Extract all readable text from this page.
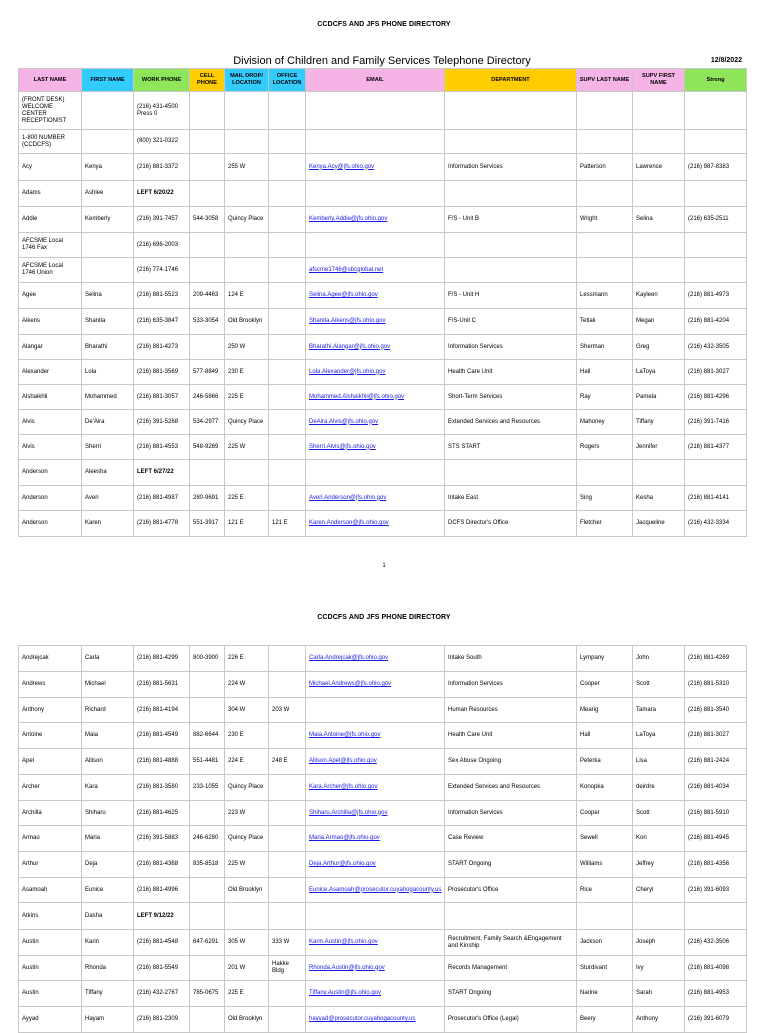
CCDCFS AND JFS PHONE DIRECTORY
Division of Children and Family Services Telephone Directory	12/8/2022
LAST NAME	FIRST NAME	WORK PHONE	CELL PHONE	MAIL DROP/ LOCATION	OFFICE LOCATION	EMAIL	DEPARTMENT	SUPV LAST NAME	SUPV FIRST NAME	Strong
(FRONT DESK) WELCOME CENTER RECEPTIONIST		(216) 431-4500 Press 0								
1-800 NUMBER (CCDCFS)		(800) 321-0322								
Acy	Kenya	(216) 881-3372		255 W		Kenya.Acy@jfs.ohio.gov	Information Services	Patterson	Lawrence	(216) 987-8383
Adams	Ashlee	LEFT 6/20/22								
Addie	Kemberly	(216) 391-7457	544-3058	Quincy Place		Kemberly.Addie@jfs.ohio.gov	F/S - Unit B	Wright	Selina	(216) 635-2511
AFCSME Local 1746 Fax		(216) 696-2003								
AFCSME Local 1746 Union		(216) 774-1746				afscme1746@sbcglobal.net				
Agee	Selina	(216) 881-5523	209-4463	124 E		Selina.Agee@jfs.ohio.gov	F/S - Unit H	Lessmann	Kayleen	(216) 881-4973
Aikens	Shanita	(216) 635-3847	533-3054	Old Brooklyn		Shanita.Aikens@jfs.ohio.gov	F/S-Unit C	Tetlak	Megan	(216) 881-4204
Alangar	Bharathi	(216) 881-4273		250 W		Bharathi.Alangar@jfs.ohio.gov	Information Services	Sherman	Greg	(216) 432-3505
Alexander	Lola	(216) 881-3569	577-8849	230 E		Lola.Alexander@jfs.ohio.gov	Health Care Unit	Hall	LaToya	(216) 881-3027
Alshaikhli	Mohammed	(216) 881-3057	246-5866	225 E		Mohammed.Alshaikhli@jfs.ohio.gov	Short-Term Services	Ray	Pamela	(216) 881-4296
Alvis	De'Aira	(216) 391-5268	534-2977	Quincy Place		DeAira.Alvis@jfs.ohio.gov	Extended Services and Resources	Mahoney	Tiffany	(216) 391-7416
Alvis	Sherri	(216) 881-4553	548-9269	225 W		Sherri.Alvis@jfs.ohio.gov	STS START	Rogers	Jennifer	(216) 881-4377
Anderson	Aleesha	LEFT 6/27/22								
Anderson	Averi	(216) 881-4987	280-9691	225 E		Averi.Anderson@jfs.ohio.gov	Intake East	Sing	Kesha	(216) 881-4141
Anderson	Karen	(216) 881-4778	551-3917	121 E	121 E	Karen.Anderson@jfs.ohio.gov	DCFS Director's Office	Fletcher	Jacqueline	(216) 432-3334
1
CCDCFS AND JFS PHONE DIRECTORY
Andrejcak	Carla	(216) 881-4299	800-3900	226 E		Carla.Andrejcak@jfs.ohio.gov	Intake South	Lympany	John	(216) 881-4269
Andrews	Michael	(216) 881-5631		224 W		Michael.Andrews@jfs.ohio.gov	Information Services	Cooper	Scott	(216) 881-5310
Anthony	Richard	(216) 881-4194		304 W	203 W		Human Resources	Mearig	Tamara	(216) 881-3540
Antoine	Maia	(216) 881-4549	882-6644	230 E		Maia.Antoine@jfs.ohio.gov	Health Care Unit	Hall	LaToya	(216) 881-3027
Apel	Allison	(216) 881-4888	551-4481	224 E	248 E	Allison.Apel@jfs.ohio.gov	Sex Abuse Ongoing	Peterka	Lisa	(216) 881-2424
Archer	Kara	(216) 881-3580	233-1055	Quincy Place		Kara.Archer@jfs.ohio.gov	Extended Services and Resources	Konopka	deirdre	(216) 881-4034
Archilla	Shiharu	(216) 881-4625		223 W		Shiharu.Archilla@jfs.ohio.gov	Information Services	Cooper	Scott	(216) 881-5910
Armao	Maria	(216) 391-5883	246-6280	Quincy Place		Maria.Armao@jfs.ohio.gov	Case Review	Sewell	Kori	(216) 881-4945
Arthur	Deja	(216) 881-4368	835-8518	225 W		Deja.Arthur@jfs.ohio.gov	START Ongoing	Williams	Jeffrey	(216) 881-4356
Asamoah	Eunice	(216) 881-4996		Old Brooklyn		Eunice.Asamoah@prosecutor.cuyahogacounty.us	Prosecutor's Office	Rice	Cheryl	(216) 391-6093
Atkins	Dasha	LEFT 9/12/22								
Austin	Karin	(216) 881-4548	647-6291	305 W	333 W	Karin.Austin@jfs.ohio.gov	Recruitment, Family Search &Engagement and Kinship	Jackson	Joseph	(216) 432-3506
Austin	Rhonda	(216) 881-5549		201 W	Hakke Bldg	Rhonda.Austin@jfs.ohio.gov	Records Management	Sturdivant	Ivy	(216) 881-4098
Austin	Tiffany	(216) 432-2767	785-0675	225 E		Tiffany.Austin@jfs.ohio.gov	START Ongoing	Narine	Sarah	(216) 881-4953
Ayyad	Hayam	(216) 881-2309		Old Brooklyn		hayyad@prosecutor.cuyahogacounty.us	Prosecutor's Office (Legal)	Beery	Anthony	(216) 391-6079
